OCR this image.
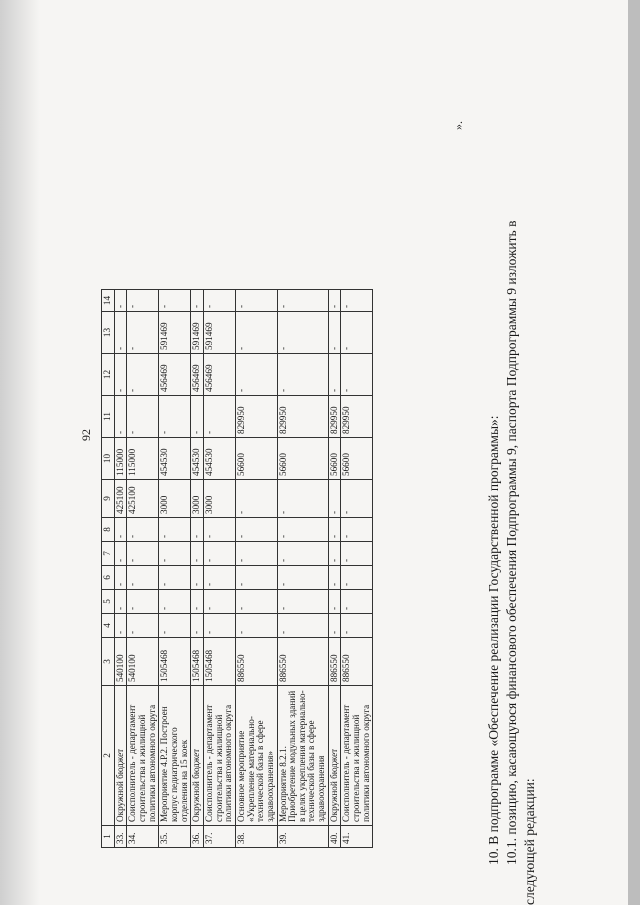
92
1	2	3	4	5	6	7	8	9	10	11	12	13	14
33.	Окружной бюджет	540100	-	-	-	-	-	425100	115000	-	-	-	-
34.	Соисполнитель - департамент строительства и жилищной политики автономного округа	540100	-	-	-	-	-	425100	115000	-	-	-	-
35.	Мероприятие 4.Р.2. Построен корпус педиатрического отделения на 15 коек	1505468	-	-	-	-	-	3000	454530	-	456469	591469	-
36.	Окружной бюджет	1505468	-	-	-	-	-	3000	454530	-	456469	591469	-
37.	Соисполнитель - департамент строительства и жилищной политики автономного округа	1505468	-	-	-	-	-	3000	454530	-	456469	591469	-
38.	Основное мероприятие «Укрепление материально-технической базы в сфере здравоохранения»	886550	-	-	-	-	-	-	56600	829950	-	-	-
39.	Мероприятие 8.2.1. Приобретение модульных зданий в целях укрепления материально-технической базы в сфере здравоохранения	886550	-	-	-	-	-	-	56600	829950	-	-	-
40.	Окружной бюджет	886550	-	-	-	-	-	-	56600	829950	-	-	-
41.	Соисполнитель - департамент строительства и жилищной политики автономного округа	886550	-	-	-	-	-	-	56600	829950	-	-	-
».
10. В подпрограмме «Обеспечение реализации Государственной программы»: 10.1. позицию, касающуюся финансового обеспечения Подпрограммы 9, паспорта Подпрограммы 9 изложить в следующей редакции:
